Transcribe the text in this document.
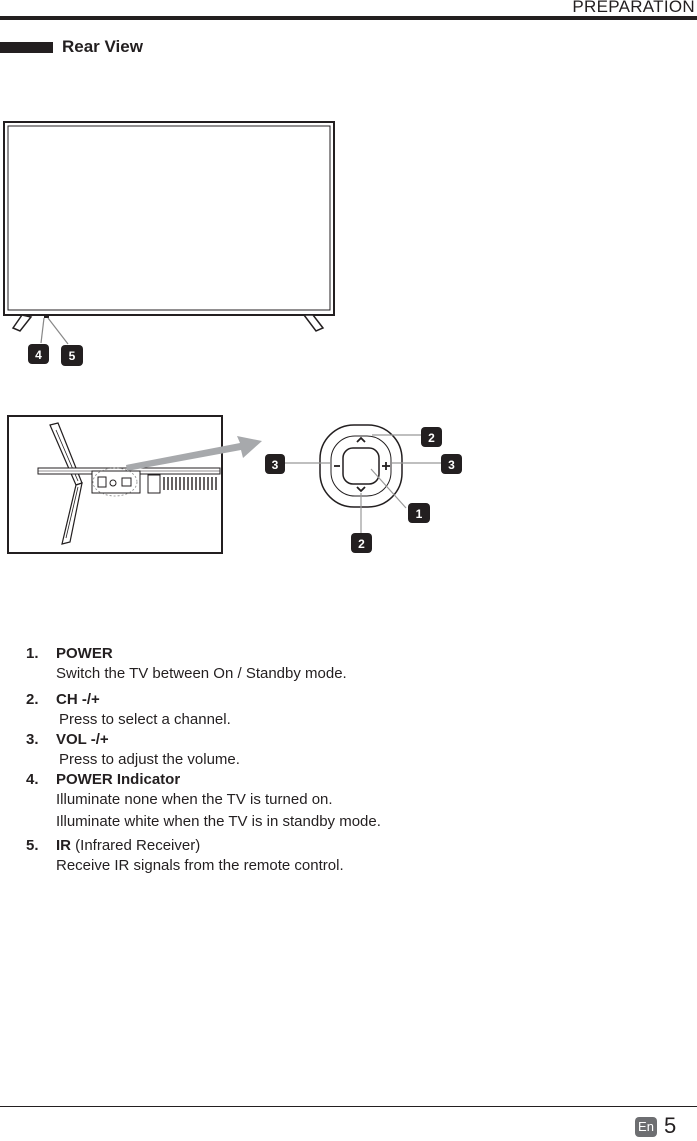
PREPARATION
Rear View
4 5
2
3	3
1
2
1. POWER
Switch the TV between On / Standby mode.
2. CH -/+
Press to select a channel.
3. VOL -/+
Press to adjust the volume.
4. POWER Indicator
Illuminate none when the TV is turned on.
Illuminate white when the TV is in standby mode.
5. IR (Infrared Receiver)
Receive IR signals from the remote control.
En 5
